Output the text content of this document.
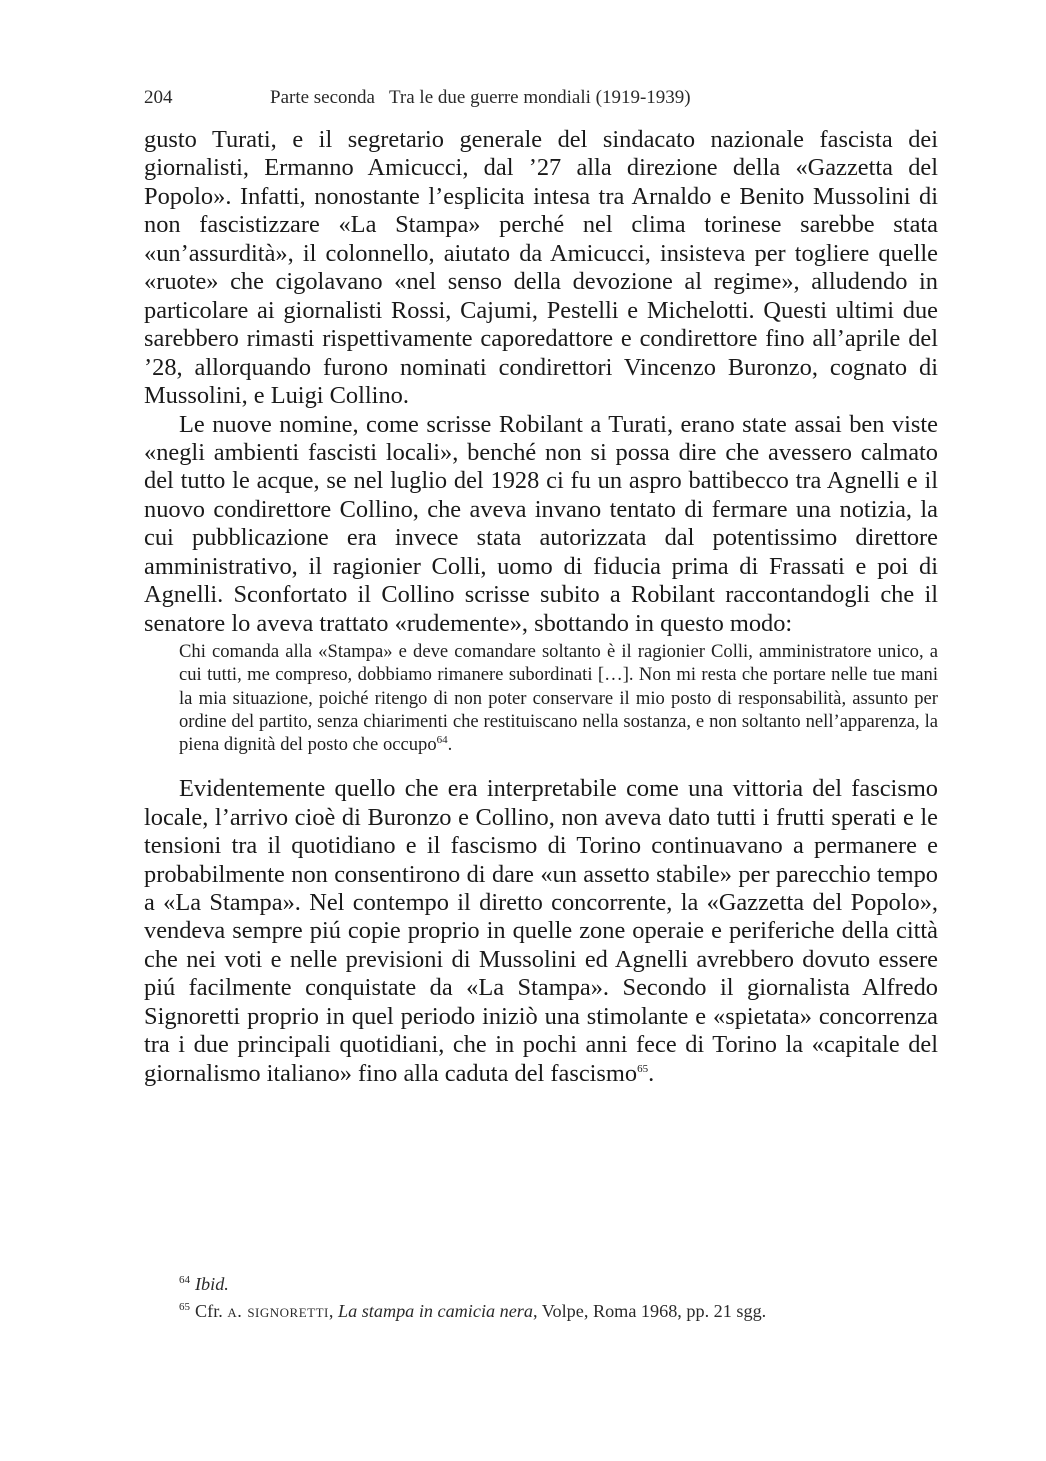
204	Parte seconda Tra le due guerre mondiali (1919-1939)

gusto Turati, e il segretario generale del sindacato nazionale fascista dei giornalisti, Ermanno Amicucci, dal ’27 alla direzione della «Gazzetta del Popolo». Infatti, nonostante l’esplicita intesa tra Arnaldo e Benito Mussolini di non fascistizzare «La Stampa» perché nel clima torinese sarebbe stata «un’assurdità», il colonnello, aiutato da Amicucci, insisteva per togliere quelle «ruote» che cigolavano «nel senso della devozione al regime», alludendo in particolare ai giornalisti Rossi, Cajumi, Pestelli e Michelotti. Questi ultimi due sarebbero rimasti rispettivamente caporedattore e condirettore fino all’aprile del ’28, allorquando furono nominati condirettori Vincenzo Buronzo, cognato di Mussolini, e Luigi Collino.

Le nuove nomine, come scrisse Robilant a Turati, erano state assai ben viste «negli ambienti fascisti locali», benché non si possa dire che avessero calmato del tutto le acque, se nel luglio del 1928 ci fu un aspro battibecco tra Agnelli e il nuovo condirettore Collino, che aveva invano tentato di fermare una notizia, la cui pubblicazione era invece stata autorizzata dal potentissimo direttore amministrativo, il ragionier Colli, uomo di fiducia prima di Frassati e poi di Agnelli. Sconfortato il Collino scrisse subito a Robilant raccontandogli che il senatore lo aveva trattato «rudemente», sbottando in questo modo:

Chi comanda alla «Stampa» e deve comandare soltanto è il ragionier Colli, amministratore unico, a cui tutti, me compreso, dobbiamo rimanere subordinati […]. Non mi resta che portare nelle tue mani la mia situazione, poiché ritengo di non poter conservare il mio posto di responsabilità, assunto per ordine del partito, senza chiarimenti che restituiscano nella sostanza, e non soltanto nell’apparenza, la piena dignità del posto che occupo$^{64}$.

Evidentemente quello che era interpretabile come una vittoria del fascismo locale, l’arrivo cioè di Buronzo e Collino, non aveva dato tutti i frutti sperati e le tensioni tra il quotidiano e il fascismo di Torino continuavano a permanere e probabilmente non consentirono di dare «un assetto stabile» per parecchio tempo a «La Stampa». Nel contempo il diretto concorrente, la «Gazzetta del Popolo», vendeva sempre piú copie proprio in quelle zone operaie e periferiche della città che nei voti e nelle previsioni di Mussolini ed Agnelli avrebbero dovuto essere piú facilmente conquistate da «La Stampa». Secondo il giornalista Alfredo Signoretti proprio in quel periodo iniziò una stimolante e «spietata» concorrenza tra i due principali quotidiani, che in pochi anni fece di Torino la «capitale del giornalismo italiano» fino alla caduta del fascismo$^{65}$.

$^{64}$ Ibid.
$^{65}$ Cfr. a. signoretti, La stampa in camicia nera, Volpe, Roma 1968, pp. 21 sgg.
